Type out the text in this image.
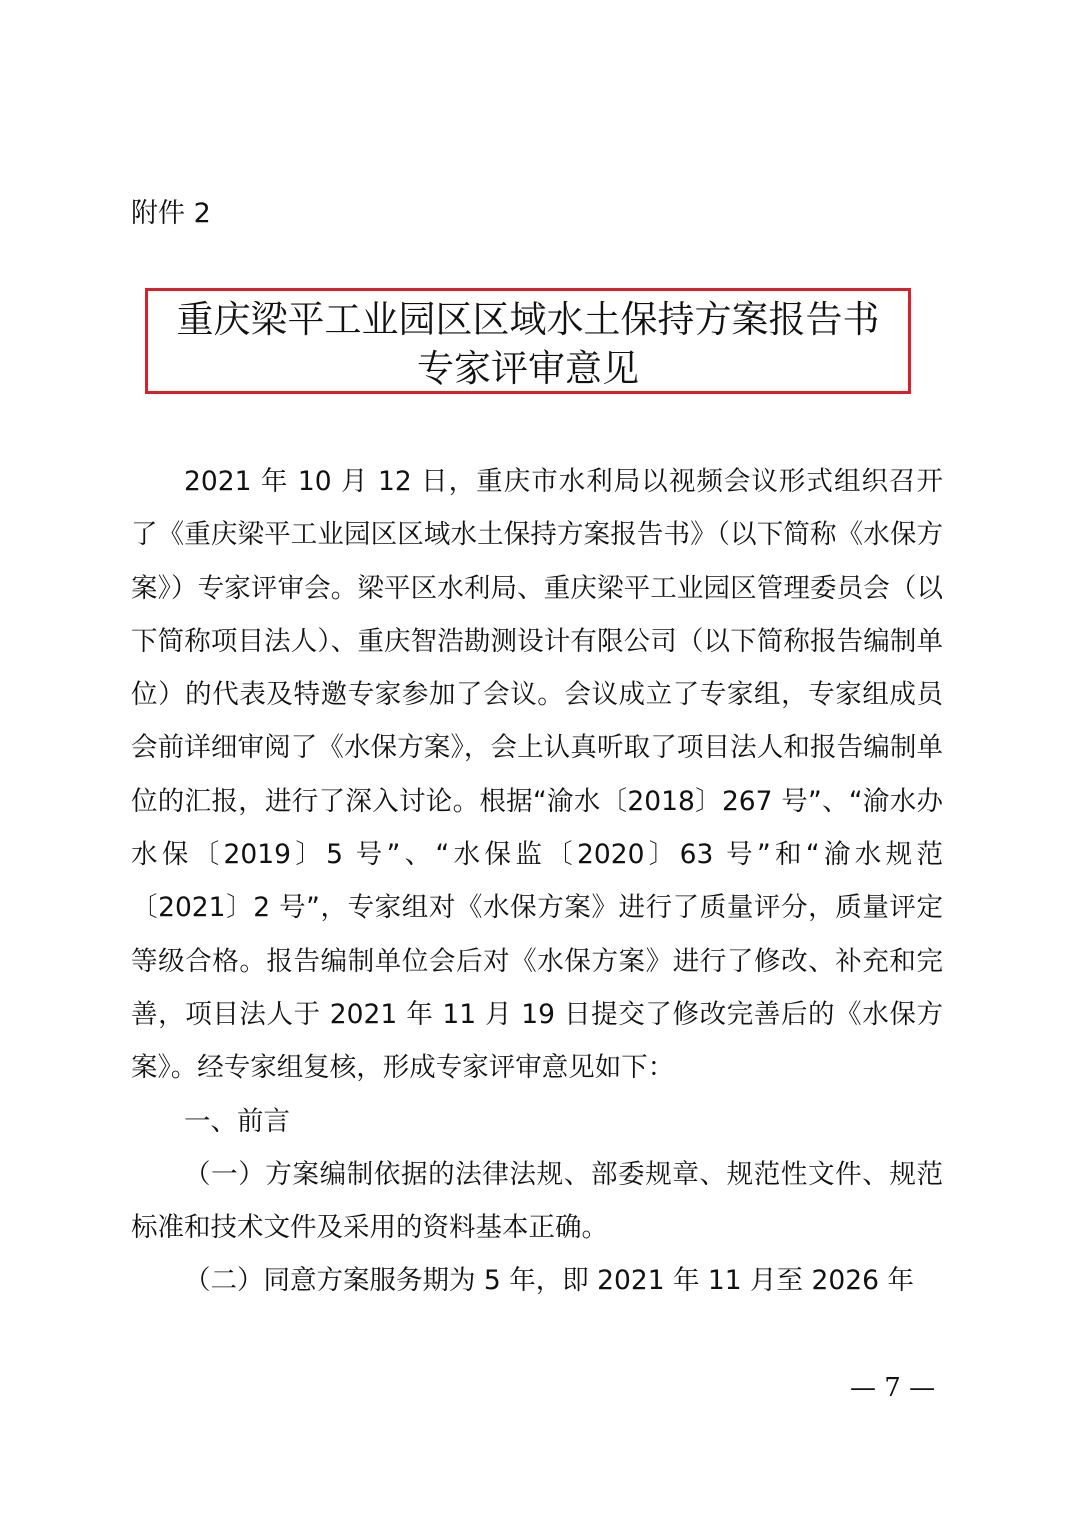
附件 2
重庆梁平工业园区区域水土保持方案报告书
专家评审意见

2021 年 10 月 12 日，重庆市水利局以视频会议形式组织召开了《重庆梁平工业园区区域水土保持方案报告书》（以下简称《水保方案》）专家评审会。梁平区水利局、重庆梁平工业园区管理委员会（以下简称项目法人）、重庆智浩勘测设计有限公司（以下简称报告编制单位）的代表及特邀专家参加了会议。会议成立了专家组，专家组成员会前详细审阅了《水保方案》，会上认真听取了项目法人和报告编制单位的汇报，进行了深入讨论。根据“渝水〔2018〕267 号”、“渝水办水保〔2019〕5 号”、“水保监〔2020〕63 号”和“渝水规范〔2021〕2 号”，专家组对《水保方案》进行了质量评分，质量评定等级合格。报告编制单位会后对《水保方案》进行了修改、补充和完善，项目法人于 2021 年 11 月 19 日提交了修改完善后的《水保方案》。经专家组复核，形成专家评审意见如下：

一、前言

（一）方案编制依据的法律法规、部委规章、规范性文件、规范标准和技术文件及采用的资料基本正确。

（二）同意方案服务期为 5 年，即 2021 年 11 月至 2026 年

— 7 —
